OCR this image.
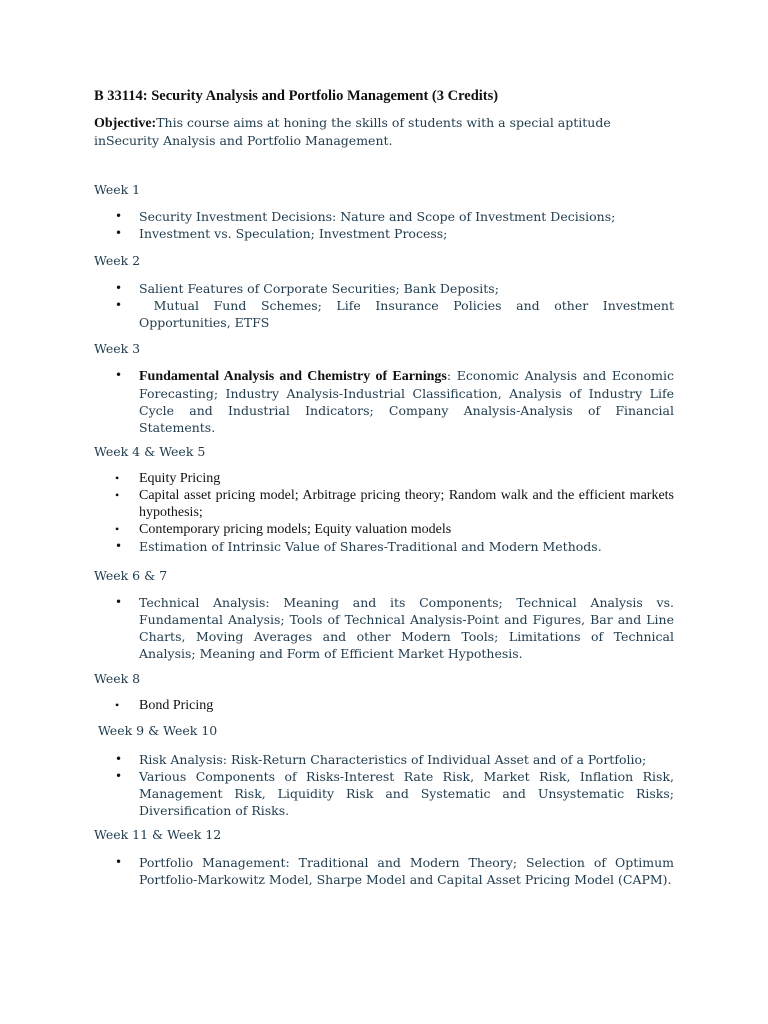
B 33114: Security Analysis and Portfolio Management (3 Credits)
Objective:This course aims at honing the skills of students with a special aptitude inSecurity Analysis and Portfolio Management.
Week 1
• Security Investment Decisions: Nature and Scope of Investment Decisions;
• Investment vs. Speculation; Investment Process;
Week 2
• Salient Features of Corporate Securities; Bank Deposits;
•  Mutual Fund Schemes; Life Insurance Policies and other Investment Opportunities, ETFS
Week 3
• Fundamental Analysis and Chemistry of Earnings: Economic Analysis and Economic Forecasting; Industry Analysis-Industrial Classification, Analysis of Industry Life Cycle and Industrial Indicators; Company Analysis-Analysis of Financial Statements.
Week 4 & Week 5
• Equity Pricing
• Capital asset pricing model; Arbitrage pricing theory; Random walk and the efficient markets hypothesis;
• Contemporary pricing models; Equity valuation models
• Estimation of Intrinsic Value of Shares-Traditional and Modern Methods.
Week 6 & 7
• Technical Analysis: Meaning and its Components; Technical Analysis vs. Fundamental Analysis; Tools of Technical Analysis-Point and Figures, Bar and Line Charts, Moving Averages and other Modern Tools; Limitations of Technical Analysis; Meaning and Form of Efficient Market Hypothesis.
Week 8
• Bond Pricing
Week 9 & Week 10
• Risk Analysis: Risk-Return Characteristics of Individual Asset and of a Portfolio;
• Various Components of Risks-Interest Rate Risk, Market Risk, Inflation Risk, Management Risk, Liquidity Risk and Systematic and Unsystematic Risks; Diversification of Risks.
Week 11 & Week 12
• Portfolio Management: Traditional and Modern Theory; Selection of Optimum Portfolio-Markowitz Model, Sharpe Model and Capital Asset Pricing Model (CAPM).
